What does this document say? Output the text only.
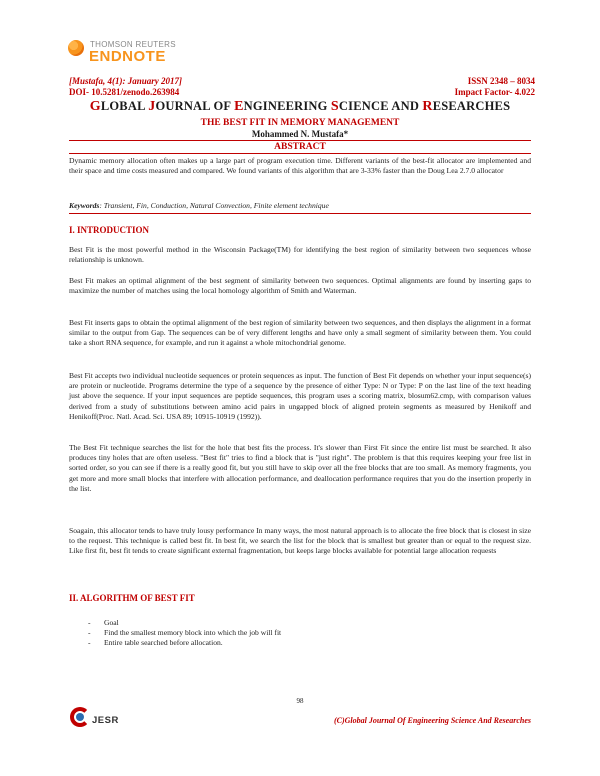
THOMSON REUTERS
ENDNOTE
[Mustafa, 4(1): January 2017]
DOI- 10.5281/zenodo.263984
ISSN 2348 – 8034
Impact Factor- 4.022
GLOBAL JOURNAL OF ENGINEERING SCIENCE AND RESEARCHES
THE BEST FIT IN MEMORY MANAGEMENT
Mohammed N. Mustafa*
ABSTRACT
Dynamic memory allocation often makes up a large part of program execution time. Different variants of the best-fit allocator are implemented and their space and time costs measured and compared. We found variants of this algorithm that are 3-33% faster than the Doug Lea 2.7.0 allocator
Keywords: Transient, Fin, Conduction, Natural Convection, Finite element technique
I. INTRODUCTION
Best Fit is the most powerful method in the Wisconsin Package(TM) for identifying the best region of similarity between two sequences whose relationship is unknown.
Best Fit makes an optimal alignment of the best segment of similarity between two sequences. Optimal alignments are found by inserting gaps to maximize the number of matches using the local homology algorithm of Smith and Waterman.
Best Fit inserts gaps to obtain the optimal alignment of the best region of similarity between two sequences, and then displays the alignment in a format similar to the output from Gap. The sequences can be of very different lengths and have only a small segment of similarity between them. You could take a short RNA sequence, for example, and run it against a whole mitochondrial genome.
Best Fit accepts two individual nucleotide sequences or protein sequences as input. The function of Best Fit depends on whether your input sequence(s) are protein or nucleotide. Programs determine the type of a sequence by the presence of either Type: N or Type: P on the last line of the text heading just above the sequence. If your input sequences are peptide sequences, this program uses a scoring matrix, blosum62.cmp, with comparison values derived from a study of substitutions between amino acid pairs in ungapped block of aligned protein segments as measured by Henikoff and Henikoff(Proc. Natl. Acad. Sci. USA 89; 10915-10919 (1992)).
The Best Fit technique searches the list for the hole that best fits the process. It's slower than First Fit since the entire list must be searched. It also produces tiny holes that are often useless. "Best fit" tries to find a block that is "just right". The problem is that this requires keeping your free list in sorted order, so you can see if there is a really good fit, but you still have to skip over all the free blocks that are too small. As memory fragments, you get more and more small blocks that interfere with allocation performance, and deallocation performance requires that you do the insertion properly in the list.
Soagain, this allocator tends to have truly lousy performance In many ways, the most natural approach is to allocate the free block that is closest in size to the request. This technique is called best fit. In best fit, we search the list for the block that is smallest but greater than or equal to the request size. Like first fit, best fit tends to create significant external fragmentation, but keeps large blocks available for potential large allocation requests
II. ALGORITHM OF BEST FIT
- Goal
- Find the smallest memory block into which the job will fit
- Entire table searched before allocation.
98
JESR	(C)Global Journal Of Engineering Science And Researches
